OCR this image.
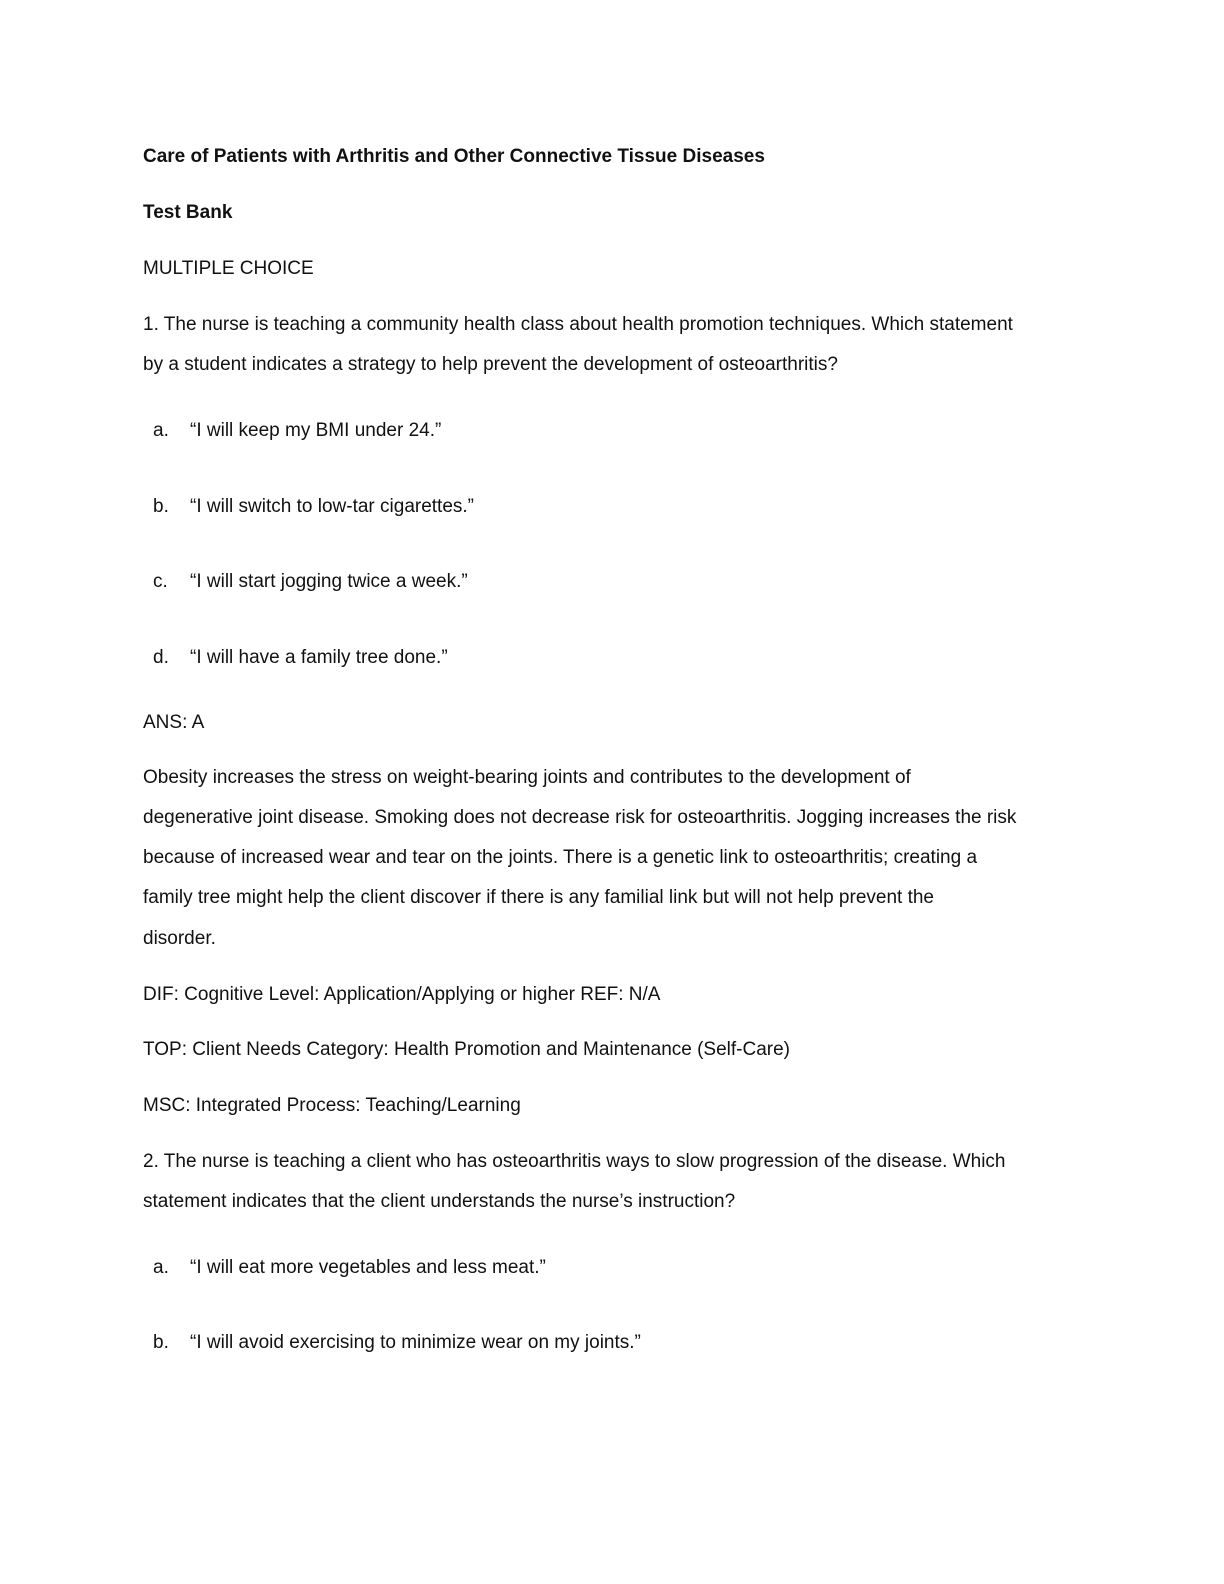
Care of Patients with Arthritis and Other Connective Tissue Diseases
Test Bank
MULTIPLE CHOICE
1. The nurse is teaching a community health class about health promotion techniques. Which statement
by a student indicates a strategy to help prevent the development of osteoarthritis?
a. “I will keep my BMI under 24.”
b. “I will switch to low-tar cigarettes.”
c. “I will start jogging twice a week.”
d. “I will have a family tree done.”
ANS: A
Obesity increases the stress on weight-bearing joints and contributes to the development of
degenerative joint disease. Smoking does not decrease risk for osteoarthritis. Jogging increases the risk
because of increased wear and tear on the joints. There is a genetic link to osteoarthritis; creating a
family tree might help the client discover if there is any familial link but will not help prevent the
disorder.
DIF: Cognitive Level: Application/Applying or higher REF: N/A
TOP: Client Needs Category: Health Promotion and Maintenance (Self-Care)
MSC: Integrated Process: Teaching/Learning
2. The nurse is teaching a client who has osteoarthritis ways to slow progression of the disease. Which
statement indicates that the client understands the nurse’s instruction?
a. “I will eat more vegetables and less meat.”
b. “I will avoid exercising to minimize wear on my joints.”
